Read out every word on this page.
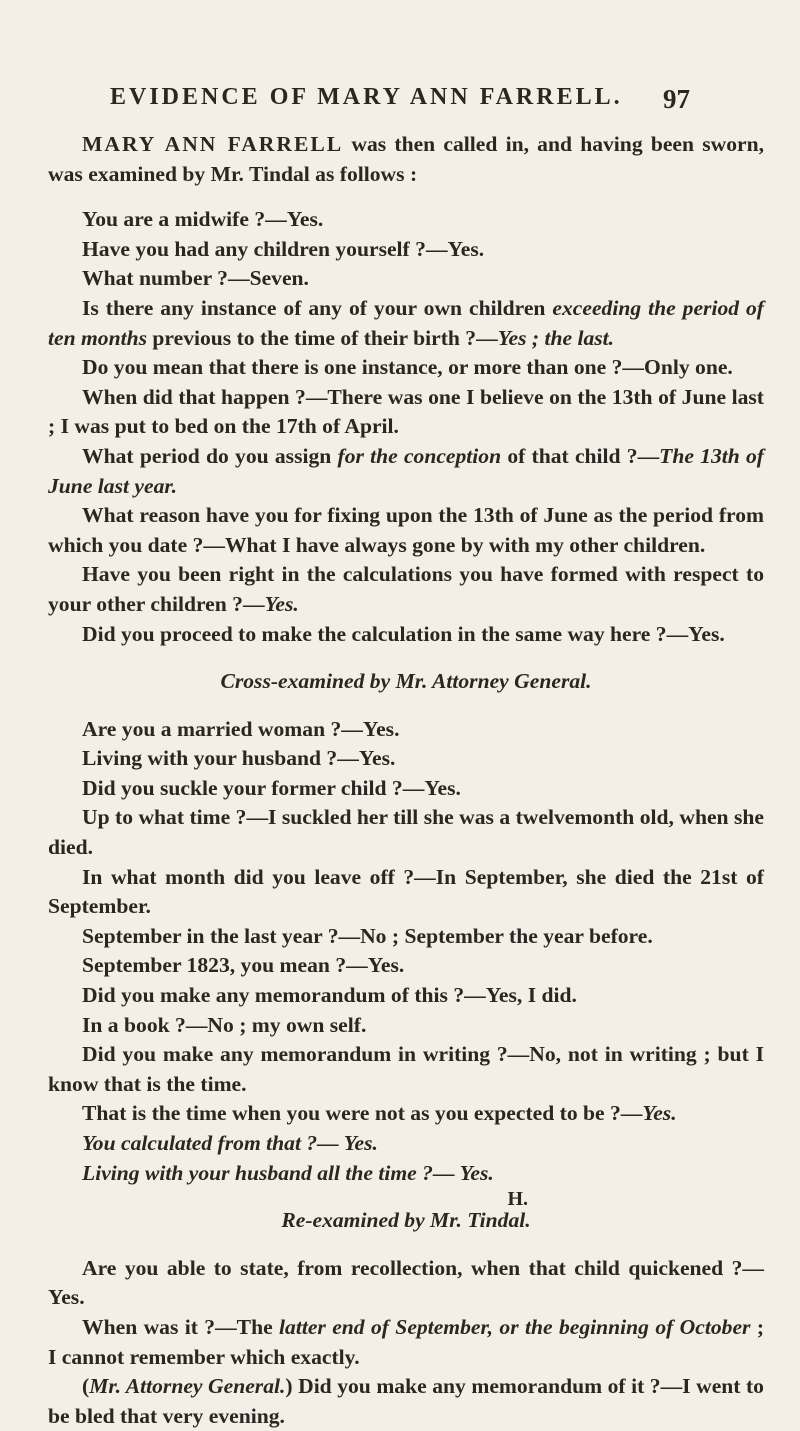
EVIDENCE OF MARY ANN FARRELL. 97

MARY ANN FARRELL was then called in, and having been sworn, was examined by Mr. Tindal as follows :

You are a midwife ?—Yes.

Have you had any children yourself ?—Yes.

What number ?—Seven.

Is there any instance of any of your own children exceeding the period of ten months previous to the time of their birth ?—Yes ; the last.

Do you mean that there is one instance, or more than one ?—Only one.

When did that happen ?—There was one I believe on the 13th of June last ; I was put to bed on the 17th of April.

What period do you assign for the conception of that child ?—The 13th of June last year.

What reason have you for fixing upon the 13th of June as the period from which you date ?—What I have always gone by with my other children.

Have you been right in the calculations you have formed with respect to your other children ?—Yes.

Did you proceed to make the calculation in the same way here ?—Yes.

Cross-examined by Mr. Attorney General.

Are you a married woman ?—Yes.

Living with your husband ?—Yes.

Did you suckle your former child ?—Yes.

Up to what time ?—I suckled her till she was a twelvemonth old, when she died.

In what month did you leave off ?—In September, she died the 21st of September.

September in the last year ?—No ; September the year before.

September 1823, you mean ?—Yes.

Did you make any memorandum of this ?—Yes, I did.

In a book ?—No ; my own self.

Did you make any memorandum in writing ?—No, not in writing ; but I know that is the time.

That is the time when you were not as you expected to be ?—Yes.

You calculated from that ?— Yes.

Living with your husband all the time ?— Yes.

Re-examined by Mr. Tindal.

Are you able to state, from recollection, when that child quickened ?—Yes.

When was it ?—The latter end of September, or the beginning of October ; I cannot remember which exactly.

(Mr. Attorney General.) Did you make any memorandum of it ?—I went to be bled that very evening.

H.
